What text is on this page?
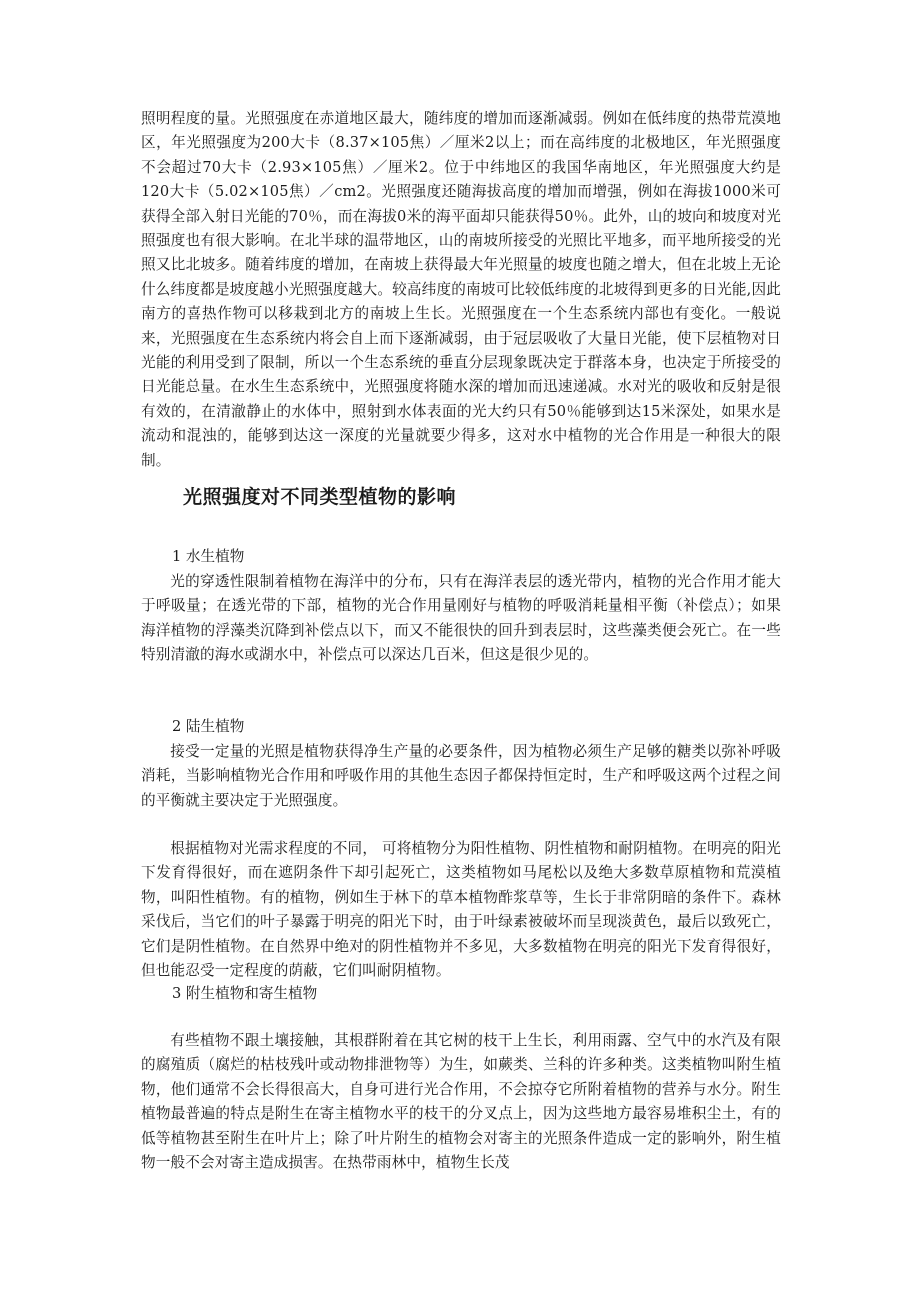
照明程度的量。光照强度在赤道地区最大，随纬度的增加而逐渐减弱。例如在低纬度的热带荒漠地区，年光照强度为200大卡（8.37×105焦）／厘米2以上；而在高纬度的北极地区，年光照强度不会超过70大卡（2.93×105焦）／厘米2。位于中纬地区的我国华南地区，年光照强度大约是120大卡（5.02×105焦）／cm2。光照强度还随海拔高度的增加而增强，例如在海拔1000米可获得全部入射日光能的70％，而在海拔0米的海平面却只能获得50％。此外，山的坡向和坡度对光照强度也有很大影响。在北半球的温带地区，山的南坡所接受的光照比平地多，而平地所接受的光照又比北坡多。随着纬度的增加，在南坡上获得最大年光照量的坡度也随之增大，但在北坡上无论什么纬度都是坡度越小光照强度越大。较高纬度的南坡可比较低纬度的北坡得到更多的日光能,因此南方的喜热作物可以移栽到北方的南坡上生长。光照强度在一个生态系统内部也有变化。一般说来，光照强度在生态系统内将会自上而下逐渐减弱，由于冠层吸收了大量日光能，使下层植物对日光能的利用受到了限制，所以一个生态系统的垂直分层现象既决定于群落本身，也决定于所接受的日光能总量。在水生生态系统中，光照强度将随水深的增加而迅速递减。水对光的吸收和反射是很有效的，在清澈静止的水体中，照射到水体表面的光大约只有50％能够到达15米深处，如果水是流动和混浊的，能够到达这一深度的光量就要少得多，这对水中植物的光合作用是一种很大的限制。

光照强度对不同类型植物的影响

1 水生植物

光的穿透性限制着植物在海洋中的分布，只有在海洋表层的透光带内，植物的光合作用才能大于呼吸量；在透光带的下部，植物的光合作用量刚好与植物的呼吸消耗量相平衡（补偿点）；如果海洋植物的浮藻类沉降到补偿点以下，而又不能很快的回升到表层时，这些藻类便会死亡。在一些特别清澈的海水或湖水中，补偿点可以深达几百米，但这是很少见的。

2 陆生植物

接受一定量的光照是植物获得净生产量的必要条件，因为植物必须生产足够的糖类以弥补呼吸消耗，当影响植物光合作用和呼吸作用的其他生态因子都保持恒定时，生产和呼吸这两个过程之间的平衡就主要决定于光照强度。

根据植物对光需求程度的不同， 可将植物分为阳性植物、阴性植物和耐阴植物。在明亮的阳光下发育得很好，而在遮阴条件下却引起死亡，这类植物如马尾松以及绝大多数草原植物和荒漠植物，叫阳性植物。有的植物，例如生于林下的草本植物酢浆草等，生长于非常阴暗的条件下。森林采伐后，当它们的叶子暴露于明亮的阳光下时，由于叶绿素被破坏而呈现淡黄色，最后以致死亡，它们是阴性植物。在自然界中绝对的阴性植物并不多见，大多数植物在明亮的阳光下发育得很好，但也能忍受一定程度的荫蔽，它们叫耐阴植物。

3 附生植物和寄生植物

有些植物不跟土壤接触，其根群附着在其它树的枝干上生长，利用雨露、空气中的水汽及有限的腐殖质（腐烂的枯枝残叶或动物排泄物等）为生，如蕨类、兰科的许多种类。这类植物叫附生植物，他们通常不会长得很高大，自身可进行光合作用，不会掠夺它所附着植物的营养与水分。附生植物最普遍的特点是附生在寄主植物水平的枝干的分叉点上，因为这些地方最容易堆积尘土，有的低等植物甚至附生在叶片上；除了叶片附生的植物会对寄主的光照条件造成一定的影响外，附生植物一般不会对寄主造成损害。在热带雨林中，植物生长茂
